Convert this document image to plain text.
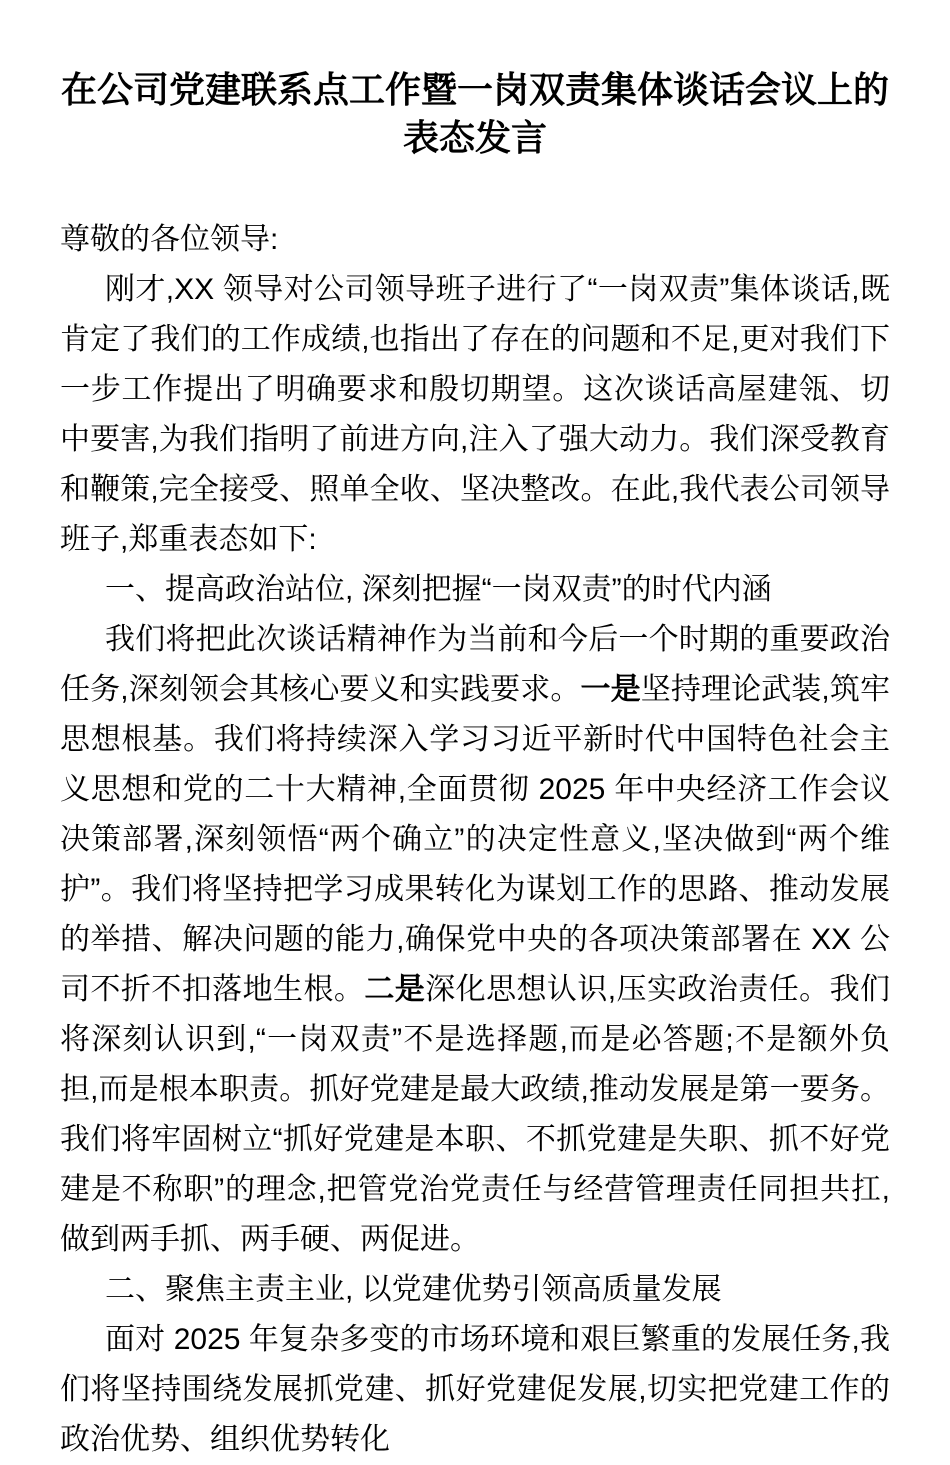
在公司党建联系点工作暨一岗双责集体谈话会议上的表态发言

尊敬的各位领导:

刚才,XX 领导对公司领导班子进行了“一岗双责”集体谈话,既肯定了我们的工作成绩,也指出了存在的问题和不足,更对我们下一步工作提出了明确要求和殷切期望。这次谈话高屋建瓴、切中要害,为我们指明了前进方向,注入了强大动力。我们深受教育和鞭策,完全接受、照单全收、坚决整改。在此,我代表公司领导班子,郑重表态如下:

一、提高政治站位, 深刻把握“一岗双责”的时代内涵

我们将把此次谈话精神作为当前和今后一个时期的重要政治任务,深刻领会其核心要义和实践要求。一是坚持理论武装,筑牢思想根基。我们将持续深入学习习近平新时代中国特色社会主义思想和党的二十大精神,全面贯彻 2025 年中央经济工作会议决策部署,深刻领悟“两个确立”的决定性意义,坚决做到“两个维护”。我们将坚持把学习成果转化为谋划工作的思路、推动发展的举措、解决问题的能力,确保党中央的各项决策部署在 XX 公司不折不扣落地生根。二是深化思想认识,压实政治责任。我们将深刻认识到,“一岗双责”不是选择题,而是必答题;不是额外负担,而是根本职责。抓好党建是最大政绩,推动发展是第一要务。我们将牢固树立“抓好党建是本职、不抓党建是失职、抓不好党建是不称职”的理念,把管党治党责任与经营管理责任同担共扛,做到两手抓、两手硬、两促进。

二、聚焦主责主业, 以党建优势引领高质量发展

面对 2025 年复杂多变的市场环境和艰巨繁重的发展任务,我们将坚持围绕发展抓党建、抓好党建促发展,切实把党建工作的政治优势、组织优势转化
